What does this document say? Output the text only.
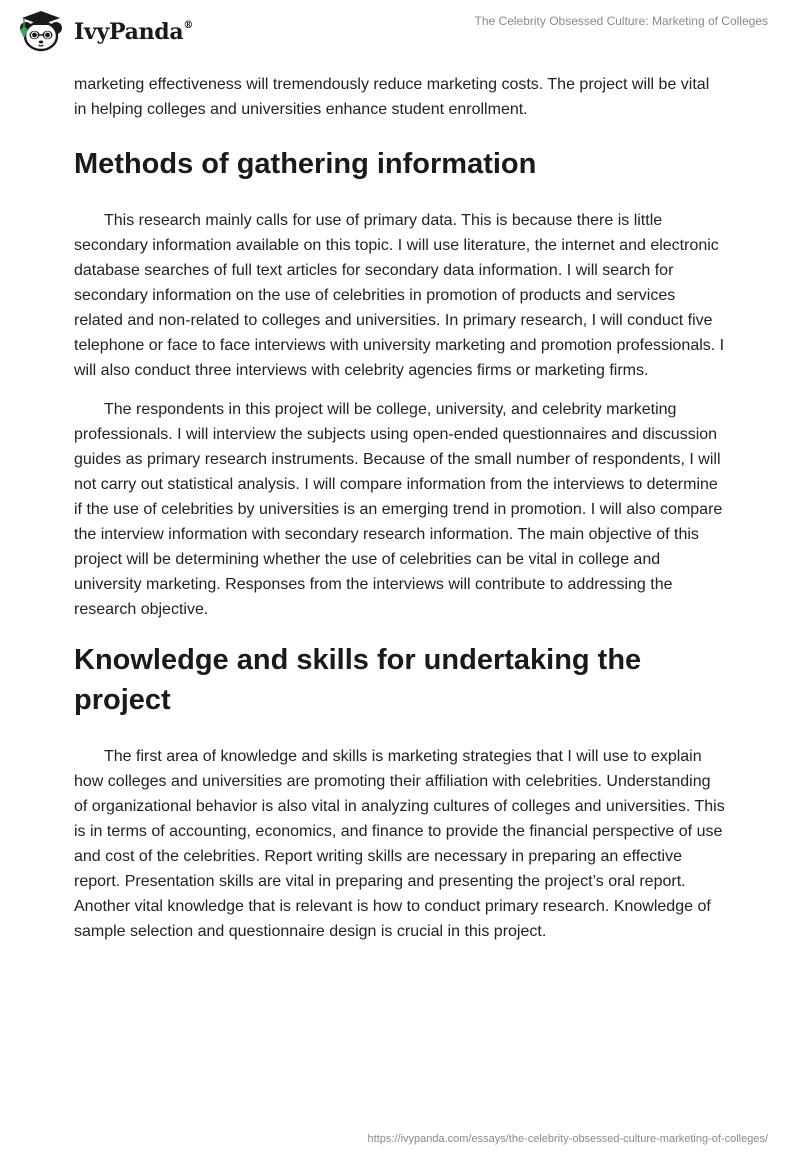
IvyPanda®	The Celebrity Obsessed Culture: Marketing of Colleges

marketing effectiveness will tremendously reduce marketing costs. The project will be vital in helping colleges and universities enhance student enrollment.

Methods of gathering information

This research mainly calls for use of primary data. This is because there is little secondary information available on this topic. I will use literature, the internet and electronic database searches of full text articles for secondary data information. I will search for secondary information on the use of celebrities in promotion of products and services related and non-related to colleges and universities. In primary research, I will conduct five telephone or face to face interviews with university marketing and promotion professionals. I will also conduct three interviews with celebrity agencies firms or marketing firms.

The respondents in this project will be college, university, and celebrity marketing professionals. I will interview the subjects using open-ended questionnaires and discussion guides as primary research instruments. Because of the small number of respondents, I will not carry out statistical analysis. I will compare information from the interviews to determine if the use of celebrities by universities is an emerging trend in promotion. I will also compare the interview information with secondary research information. The main objective of this project will be determining whether the use of celebrities can be vital in college and university marketing. Responses from the interviews will contribute to addressing the research objective.

Knowledge and skills for undertaking the project

The first area of knowledge and skills is marketing strategies that I will use to explain how colleges and universities are promoting their affiliation with celebrities. Understanding of organizational behavior is also vital in analyzing cultures of colleges and universities. This is in terms of accounting, economics, and finance to provide the financial perspective of use and cost of the celebrities. Report writing skills are necessary in preparing an effective report. Presentation skills are vital in preparing and presenting the project’s oral report. Another vital knowledge that is relevant is how to conduct primary research. Knowledge of sample selection and questionnaire design is crucial in this project.

https://ivypanda.com/essays/the-celebrity-obsessed-culture-marketing-of-colleges/
